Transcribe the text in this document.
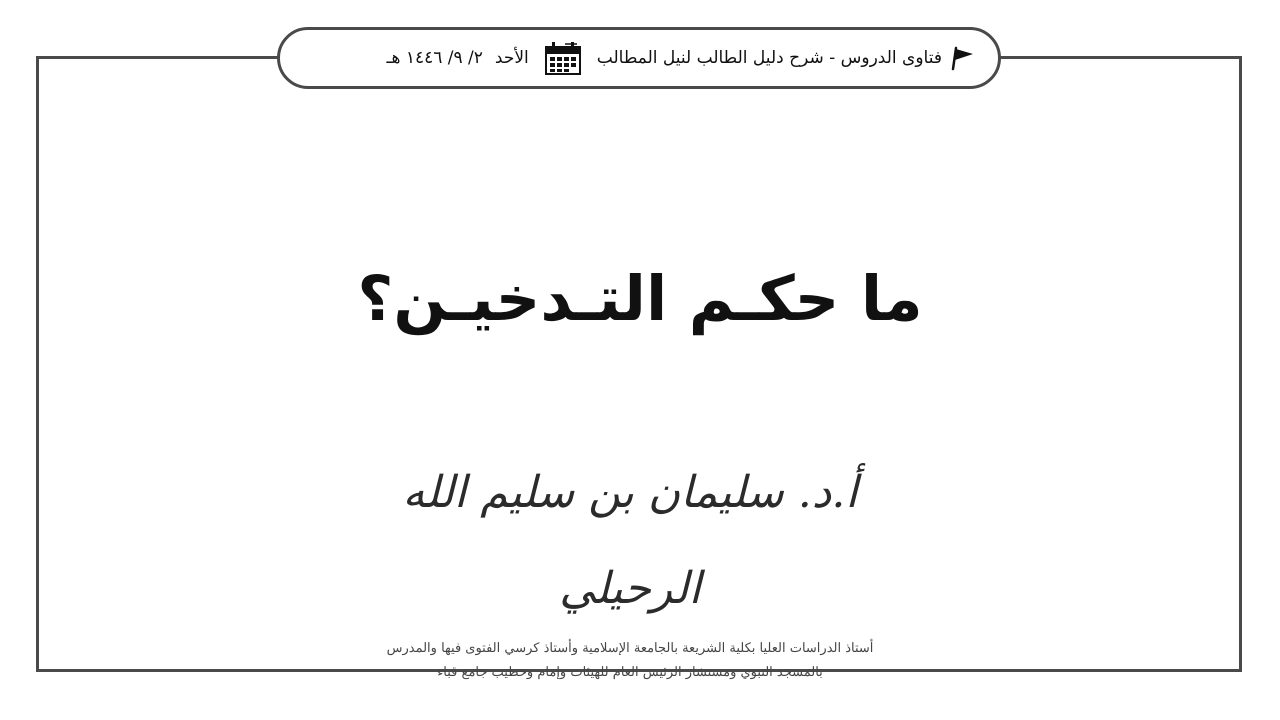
فتاوى الدروس - شرح دليل الطالب لنيل المطالب
الأحد
٢/ ٩/ ١٤٤٦ هـ
ما حكـم التـدخيـن؟
أ.د. سليمان بن سليم الله الرحيلي
أستاذ الدراسات العليا بكلية الشريعة بالجامعة الإسلامية وأستاذ كرسي الفتوى فيها والمدرس
بالمسجد النبوي ومستشار الرئيس العام للهيئات وإمام وخطيب جامع قباء
